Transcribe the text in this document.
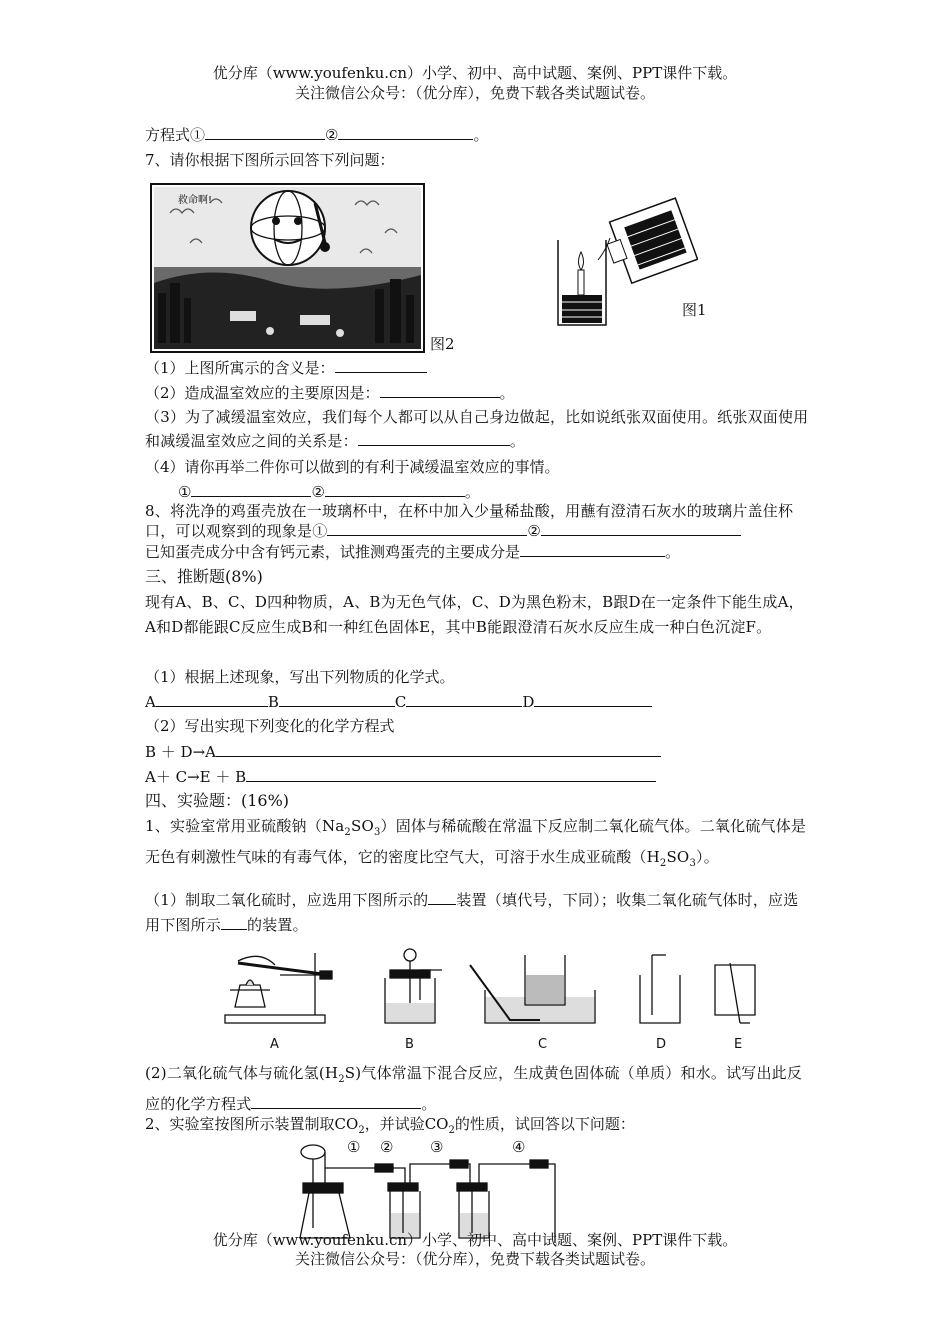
优分库（www.youfenku.cn）小学、初中、高中试题、案例、PPT课件下载。
关注微信公众号：（优分库），免费下载各类试题试卷。
方程式①	②	。
7、请你根据下图所示回答下列问题：
救命啊!
图2
图1
（1）上图所寓示的含义是：
（2）造成温室效应的主要原因是：	。
（3）为了减缓温室效应，我们每个人都可以从自己身边做起，比如说纸张双面使用。纸张双面使用和减缓温室效应之间的关系是：	。
（4）请你再举二件你可以做到的有利于减缓温室效应的事情。
①	②	。
8、将洗净的鸡蛋壳放在一玻璃杯中，在杯中加入少量稀盐酸，用蘸有澄清石灰水的玻璃片盖住杯口，可以观察到的现象是①	②
已知蛋壳成分中含有钙元素，试推测鸡蛋壳的主要成分是	。
三、推断题(8%)
现有A、B、C、D四种物质，A、B为无色气体，C、D为黑色粉末，B跟D在一定条件下能生成A，A和D都能跟C反应生成B和一种红色固体E，其中B能跟澄清石灰水反应生成一种白色沉淀F。
（1）根据上述现象，写出下列物质的化学式。
A	B	C	D
（2）写出实现下列变化的化学方程式
B ＋ D→A
A＋ C→E ＋ B
四、实验题：(16%)
1、实验室常用亚硫酸钠$(Na_2SO_3)$固体与稀硫酸在常温下反应制二氧化硫气体。二氧化硫气体是无色有刺激性气味的有毒气体，它的密度比空气大，可溶于水生成亚硫酸$(H_2SO_3)$。
（1）制取二氧化硫时，应选用下图所示的 装置（填代号，下同）；收集二氧化硫气体时，应选用下图所示 的装置。
A	B	C	D	E
(2)二氧化硫气体与硫化氢$(H_2S)$气体常温下混合反应，生成黄色固体硫（单质）和水。试写出此反应的化学方程式	。
2、实验室按图所示装置制取$CO_2$，并试验$CO_2$的性质，试回答以下问题：
① ② ③	④
优分库（www.youfenku.cn）小学、初中、高中试题、案例、PPT课件下载。
关注微信公众号：（优分库），免费下载各类试题试卷。
